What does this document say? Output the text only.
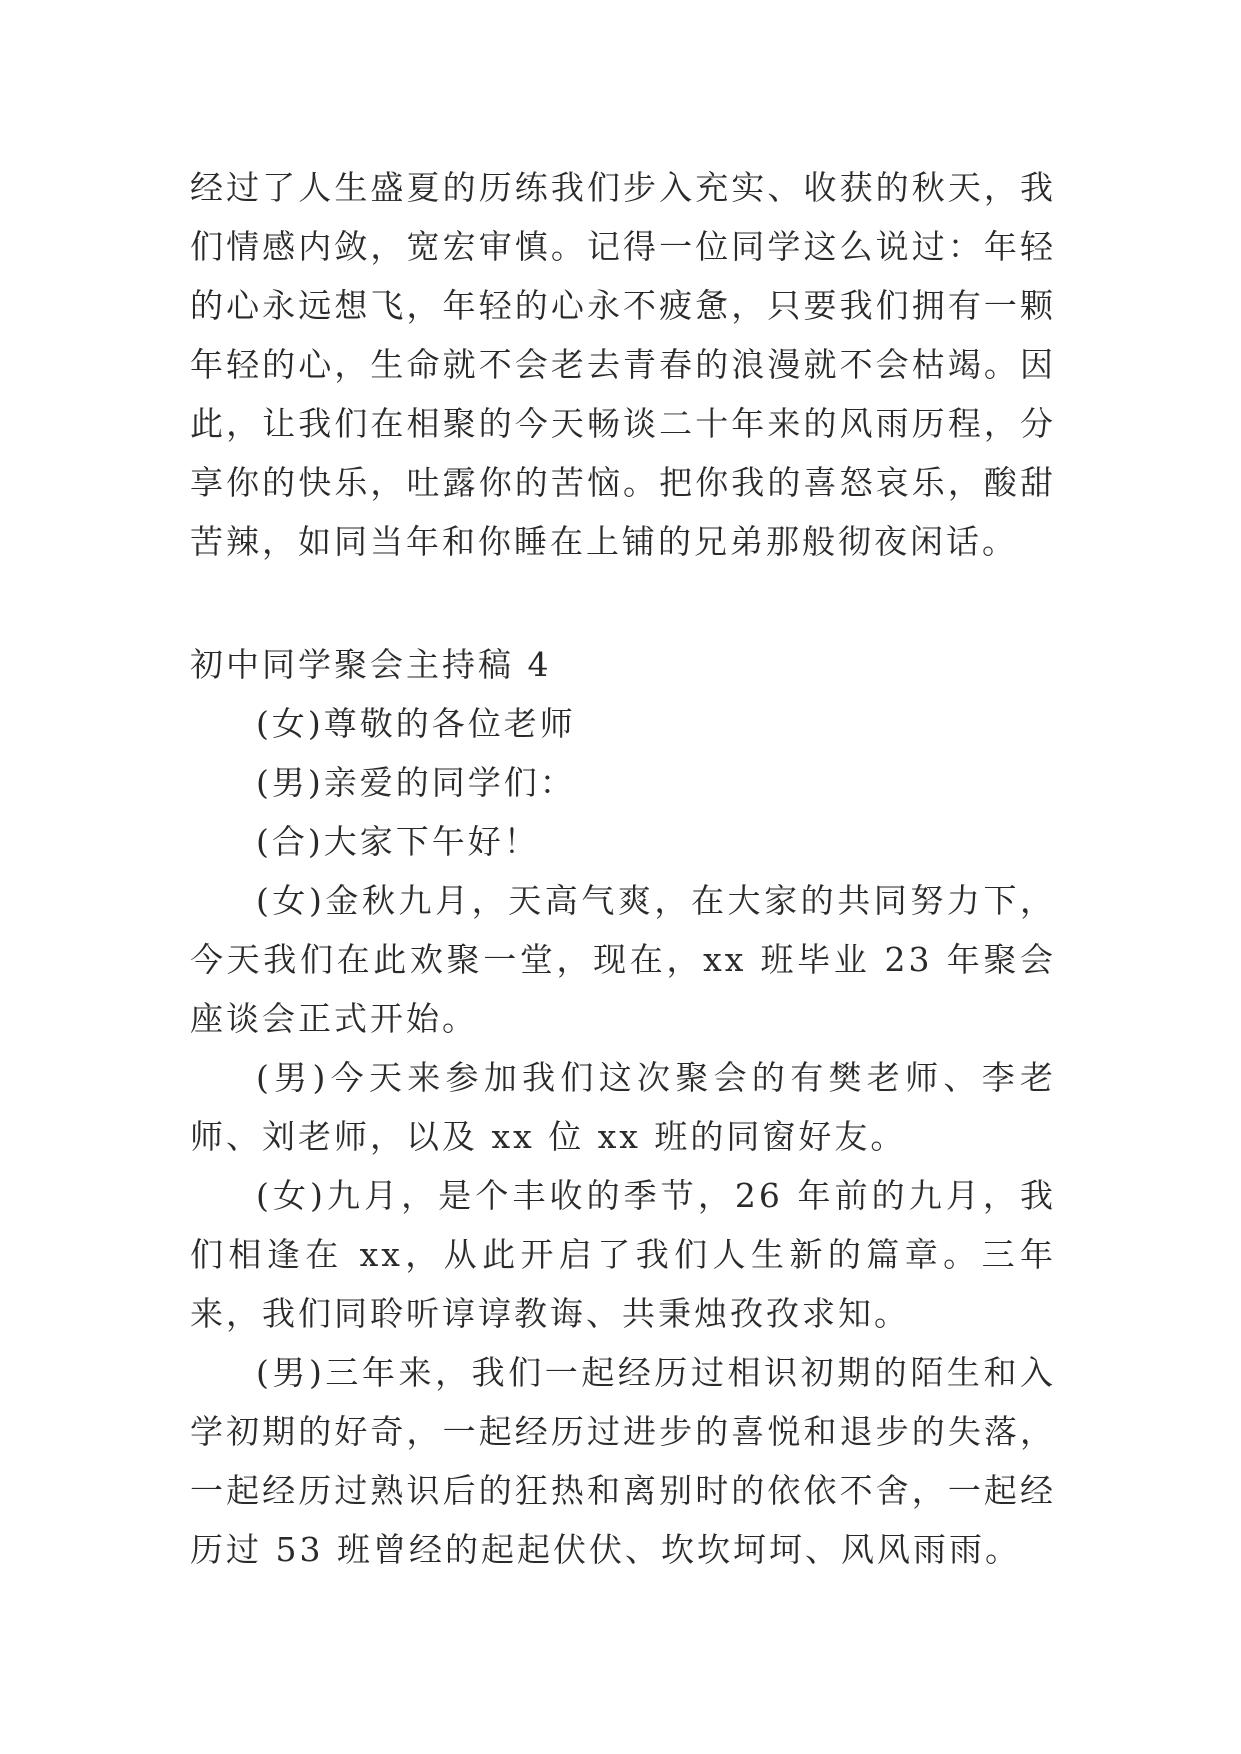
经过了人生盛夏的历练我们步入充实、收获的秋天，我们情感内敛，宽宏审慎。记得一位同学这么说过：年轻的心永远想飞，年轻的心永不疲惫，只要我们拥有一颗年轻的心，生命就不会老去青春的浪漫就不会枯竭。因此，让我们在相聚的今天畅谈二十年来的风雨历程，分享你的快乐，吐露你的苦恼。把你我的喜怒哀乐，酸甜苦辣，如同当年和你睡在上铺的兄弟那般彻夜闲话。

初中同学聚会主持稿 4

(女)尊敬的各位老师

(男)亲爱的同学们：

(合)大家下午好！

(女)金秋九月，天高气爽，在大家的共同努力下，今天我们在此欢聚一堂，现在，xx 班毕业 23 年聚会座谈会正式开始。

(男)今天来参加我们这次聚会的有樊老师、李老师、刘老师，以及 xx 位 xx 班的同窗好友。

(女)九月，是个丰收的季节，26 年前的九月，我们相逢在 xx，从此开启了我们人生新的篇章。三年来，我们同聆听谆谆教诲、共秉烛孜孜求知。

(男)三年来，我们一起经历过相识初期的陌生和入学初期的好奇，一起经历过进步的喜悦和退步的失落，一起经历过熟识后的狂热和离别时的依依不舍，一起经历过 53 班曾经的起起伏伏、坎坎坷坷、风风雨雨。
